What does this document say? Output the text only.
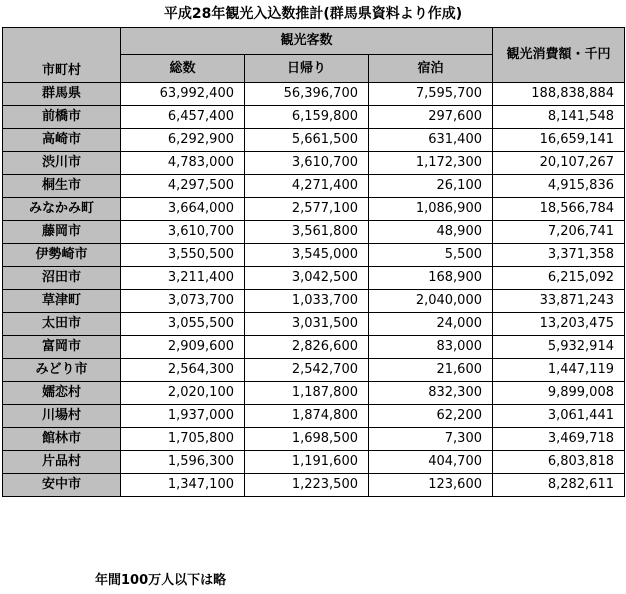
平成28年観光入込数推計(群馬県資料より作成)
市町村	観光客数			観光消費額・千円
	総数	日帰り	宿泊	
群馬県	63,992,400	56,396,700	7,595,700	188,838,884
前橋市	6,457,400	6,159,800	297,600	8,141,548
高崎市	6,292,900	5,661,500	631,400	16,659,141
渋川市	4,783,000	3,610,700	1,172,300	20,107,267
桐生市	4,297,500	4,271,400	26,100	4,915,836
みなかみ町	3,664,000	2,577,100	1,086,900	18,566,784
藤岡市	3,610,700	3,561,800	48,900	7,206,741
伊勢崎市	3,550,500	3,545,000	5,500	3,371,358
沼田市	3,211,400	3,042,500	168,900	6,215,092
草津町	3,073,700	1,033,700	2,040,000	33,871,243
太田市	3,055,500	3,031,500	24,000	13,203,475
富岡市	2,909,600	2,826,600	83,000	5,932,914
みどり市	2,564,300	2,542,700	21,600	1,447,119
嬬恋村	2,020,100	1,187,800	832,300	9,899,008
川場村	1,937,000	1,874,800	62,200	3,061,441
館林市	1,705,800	1,698,500	7,300	3,469,718
片品村	1,596,300	1,191,600	404,700	6,803,818
安中市	1,347,100	1,223,500	123,600	8,282,611
年間100万人以下は略
